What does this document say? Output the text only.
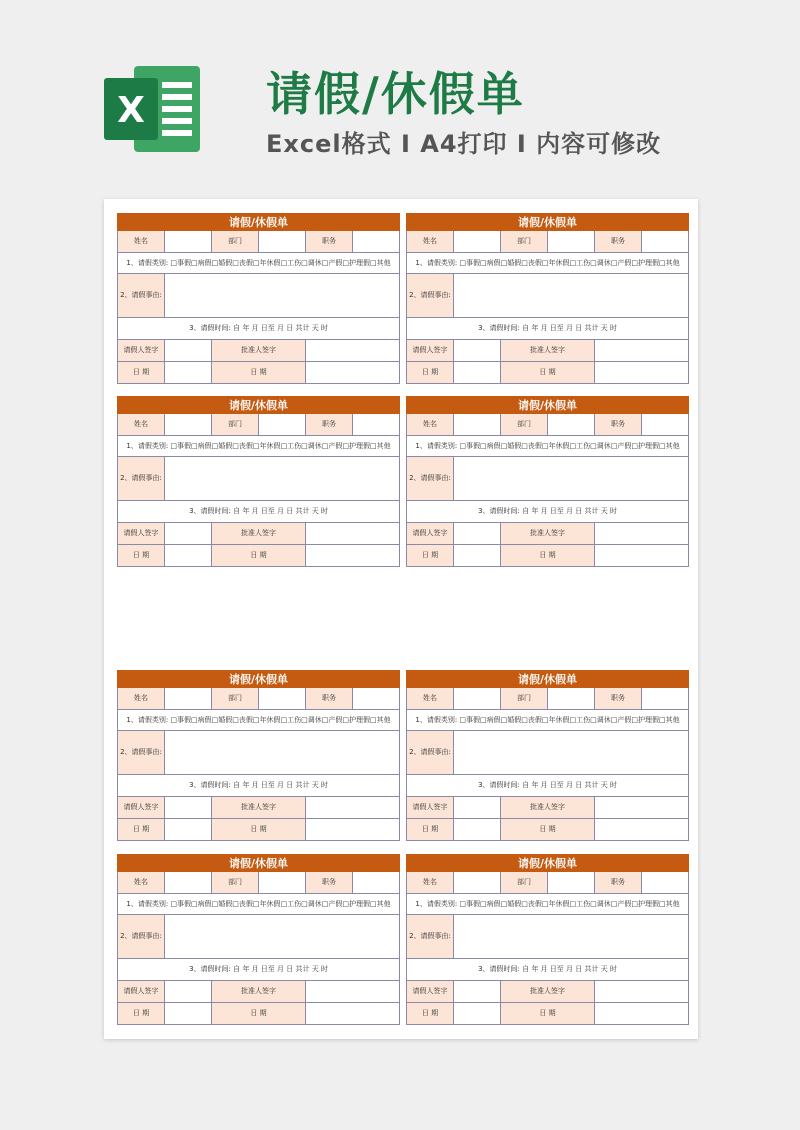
X	请假/休假单
Excel格式 I A4打印 I 内容可修改
请假/休假单					
姓名		部门		职务	
1、请假类别: □事假□病假□婚假□丧假□年休假□工伤□调休□产假□护理假□其他					
2、请假事由:					
3、请假时间: 自 年 月 日至 月 日 共计 天 时					
请假人签字		批准人签字			
日 期		日 期			
请假/休假单					
姓名		部门		职务	
1、请假类别: □事假□病假□婚假□丧假□年休假□工伤□调休□产假□护理假□其他					
2、请假事由:					
3、请假时间: 自 年 月 日至 月 日 共计 天 时					
请假人签字		批准人签字			
日 期		日 期			
请假/休假单					
姓名		部门		职务	
1、请假类别: □事假□病假□婚假□丧假□年休假□工伤□调休□产假□护理假□其他					
2、请假事由:					
3、请假时间: 自 年 月 日至 月 日 共计 天 时					
请假人签字		批准人签字			
日 期		日 期			
请假/休假单					
姓名		部门		职务	
1、请假类别: □事假□病假□婚假□丧假□年休假□工伤□调休□产假□护理假□其他					
2、请假事由:					
3、请假时间: 自 年 月 日至 月 日 共计 天 时					
请假人签字		批准人签字			
日 期		日 期			
请假/休假单					
姓名		部门		职务	
1、请假类别: □事假□病假□婚假□丧假□年休假□工伤□调休□产假□护理假□其他					
2、请假事由:					
3、请假时间: 自 年 月 日至 月 日 共计 天 时					
请假人签字		批准人签字			
日 期		日 期			
请假/休假单					
姓名		部门		职务	
1、请假类别: □事假□病假□婚假□丧假□年休假□工伤□调休□产假□护理假□其他					
2、请假事由:					
3、请假时间: 自 年 月 日至 月 日 共计 天 时					
请假人签字		批准人签字			
日 期		日 期			
请假/休假单					
姓名		部门		职务	
1、请假类别: □事假□病假□婚假□丧假□年休假□工伤□调休□产假□护理假□其他					
2、请假事由:					
3、请假时间: 自 年 月 日至 月 日 共计 天 时					
请假人签字		批准人签字			
日 期		日 期			
请假/休假单					
姓名		部门		职务	
1、请假类别: □事假□病假□婚假□丧假□年休假□工伤□调休□产假□护理假□其他					
2、请假事由:					
3、请假时间: 自 年 月 日至 月 日 共计 天 时					
请假人签字		批准人签字			
日 期		日 期			
